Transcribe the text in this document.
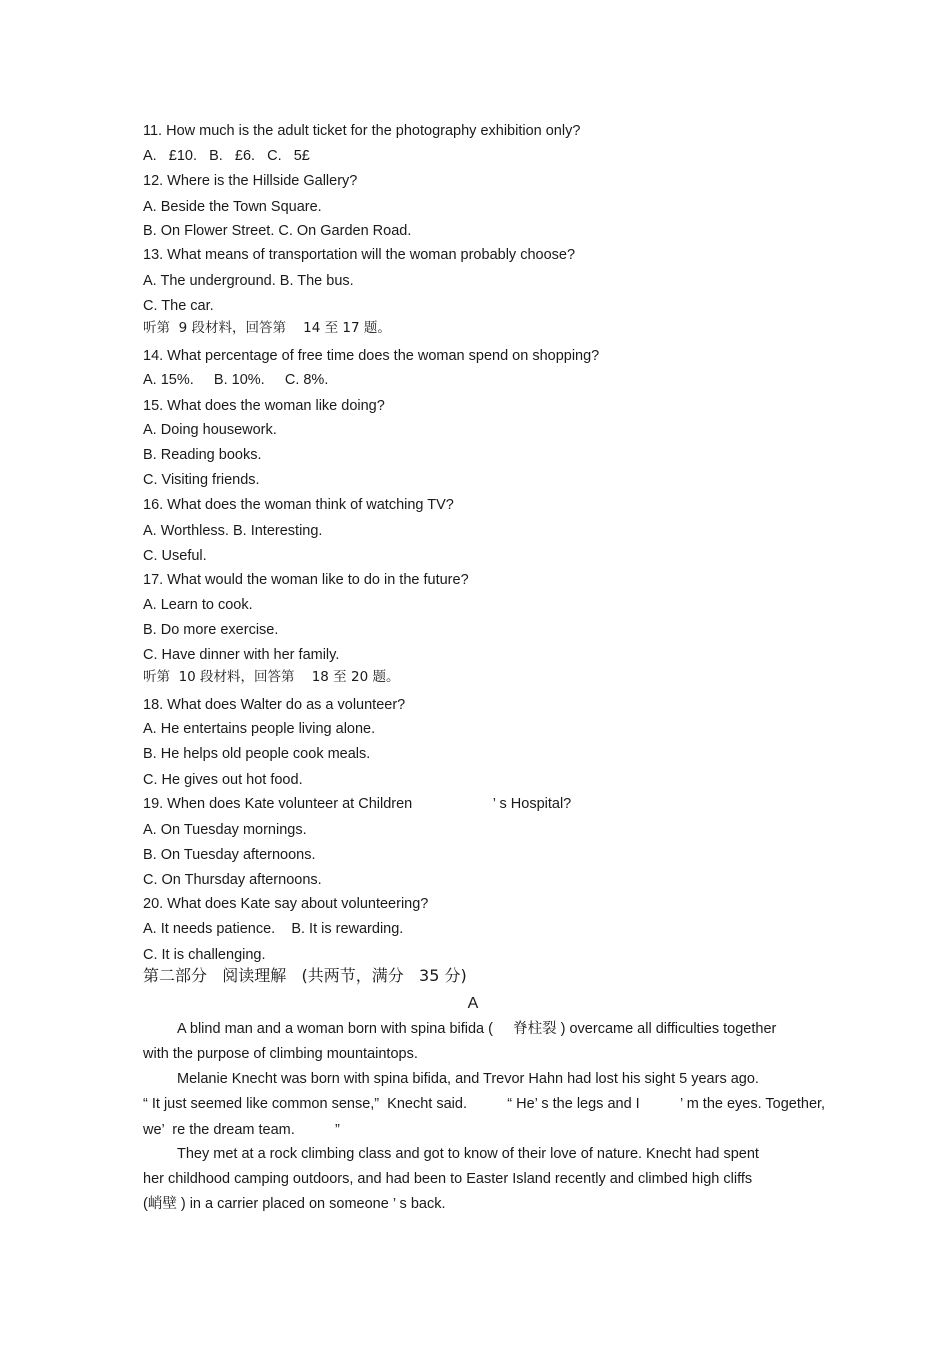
11. How much is the adult ticket for the photography exhibition only?
A.   £10.   B.   £6.   C.   5£
12. Where is the Hillside Gallery?
A. Beside the Town Square.
B. On Flower Street. C. On Garden Road.
13. What means of transportation will the woman probably choose?
A. The underground. B. The bus.
C. The car.
听第  9 段材料，回答第    14 至 17 题。
14. What percentage of free time does the woman spend on shopping?
A. 15%.     B. 10%.     C. 8%.
15. What does the woman like doing?
A. Doing housework.
B. Reading books.
C. Visiting friends.
16. What does the woman think of watching TV?
A. Worthless. B. Interesting.
C. Useful.
17. What would the woman like to do in the future?
A. Learn to cook.
B. Do more exercise.
C. Have dinner with her family.
听第  10 段材料，回答第    18 至 20 题。
18. What does Walter do as a volunteer?
A. He entertains people living alone.
B. He helps old people cook meals.
C. He gives out hot food.
19. When does Kate volunteer at Children                    ’ s Hospital?
A. On Tuesday mornings.
B. On Tuesday afternoons.
C. On Thursday afternoons.
20. What does Kate say about volunteering?
A. It needs patience.    B. It is rewarding.
C. It is challenging.
第二部分   阅读理解   (共两节，满分   35 分)
A
A blind man and a woman born with spina bifida (     脊柱裂 ) overcame all difficulties together
with the purpose of climbing mountaintops.
Melanie Knecht was born with spina bifida, and Trevor Hahn had lost his sight 5 years ago.
“ It just seemed like common sense,”  Knecht said.          “ He’ s the legs and I          ’ m the eyes. Together,
we’  re the dream team.          ”
They met at a rock climbing class and got to know of their love of nature. Knecht had spent
her childhood camping outdoors, and had been to Easter Island recently and climbed high cliffs
(峭壁 ) in a carrier placed on someone ’ s back.
